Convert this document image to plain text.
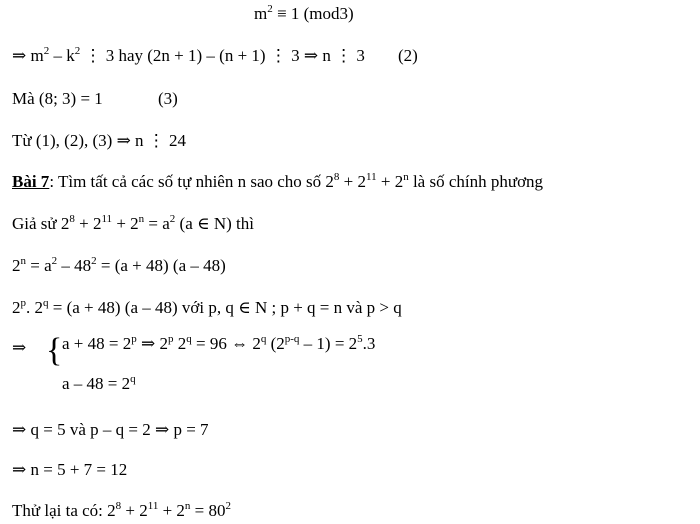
$m^2 \equiv 1$ (mod3)
⇒ $m^2 - k^2$ ⋮ 3 hay (2n + 1) – (n + 1) ⋮ 3 ⇒ n ⋮ 3 (2)
Mà (8; 3) = 1	(3)
Từ (1), (2), (3) ⇒ n ⋮ 24
Bài 7: Tìm tất cả các số tự nhiên n sao cho số $2^8 + 2^{11} + 2^n$ là số chính phương
Giả sử $2^8 + 2^{11} + 2^n = a^2$ (a ∈ N) thì
$2^n = a^2 - 48^2 = (a + 48)$ (a – 48)
2$^p$. $2^q = (a + 48)$ (a – 48) với p, q ∈ N ; p + q = n và p > q
⇒ { $a + 48 = 2^p$ ⇒ 2$^p$ $2^q = 96$ ⇔ 2$^q$ $(2^{p-q} - 1) = 2^5.3$
$a - 48 = 2^q$
⇒ q = 5 và p – q = 2 ⇒ p = 7
⇒ n = 5 + 7 = 12
Thử lại ta có: $2^8 + 2^{11} + 2^n = 80^2$
